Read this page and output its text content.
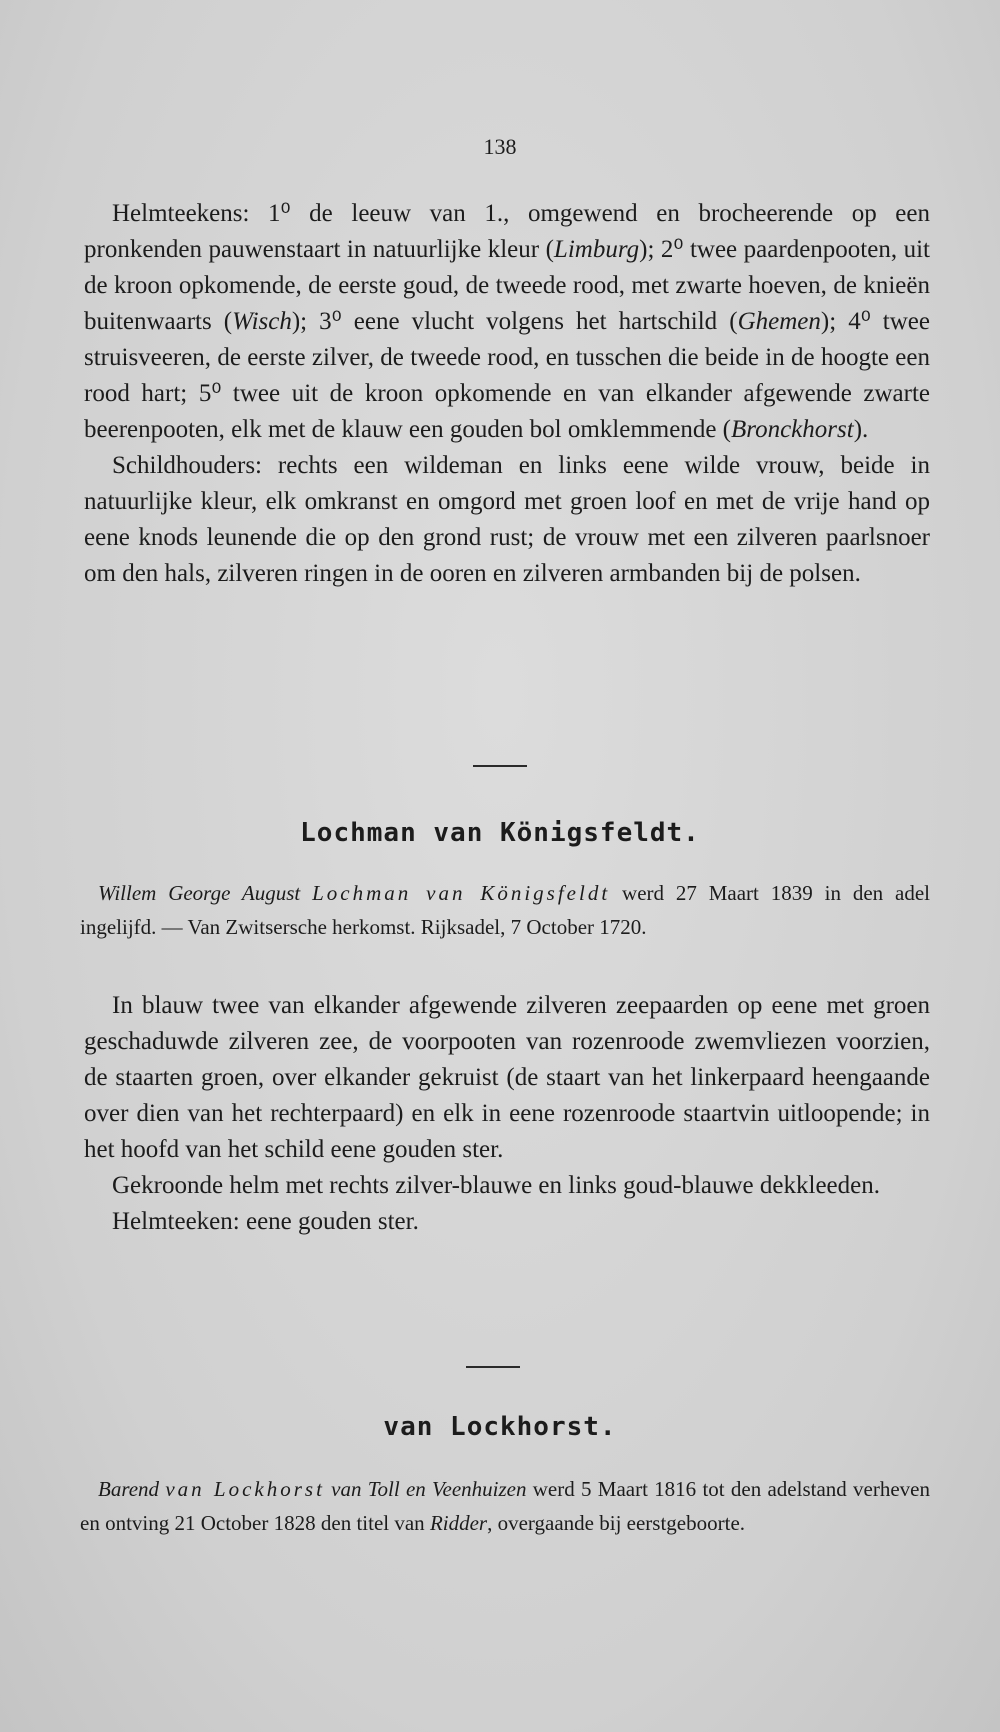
138

Helmteekens: 1⁰ de leeuw van 1., omgewend en brocheerende op een pronkenden pauwenstaart in natuurlijke kleur (Limburg); 2⁰ twee paardenpooten, uit de kroon opkomende, de eerste goud, de tweede rood, met zwarte hoeven, de knieën buitenwaarts (Wisch); 3⁰ eene vlucht volgens het hartschild (Ghemen); 4⁰ twee struisveeren, de eerste zilver, de tweede rood, en tusschen die beide in de hoogte een rood hart; 5⁰ twee uit de kroon opkomende en van elkander afgewende zwarte beerenpooten, elk met de klauw een gouden bol omklemmende (Bronckhorst).

Schildhouders: rechts een wildeman en links eene wilde vrouw, beide in natuurlijke kleur, elk omkranst en omgord met groen loof en met de vrije hand op eene knods leunende die op den grond rust; de vrouw met een zilveren paarlsnoer om den hals, zilveren ringen in de ooren en zilveren armbanden bij de polsen.

Lochman van Königsfeldt.
Willem George August Lochman van Königsfeldt werd 27 Maart 1839 in den adel ingelijfd. — Van Zwitsersche herkomst. Rijksadel, 7 October 1720.

In blauw twee van elkander afgewende zilveren zeepaarden op eene met groen geschaduwde zilveren zee, de voorpooten van rozenroode zwemvliezen voorzien, de staarten groen, over elkander gekruist (de staart van het linkerpaard heengaande over dien van het rechterpaard) en elk in eene rozenroode staartvin uitloopende; in het hoofd van het schild eene gouden ster.

Gekroonde helm met rechts zilver-blauwe en links goud-blauwe dekkleeden.

Helmteeken: eene gouden ster.

van Lockhorst.
Barend van Lockhorst van Toll en Veenhuizen werd 5 Maart 1816 tot den adelstand verheven en ontving 21 October 1828 den titel van Ridder, overgaande bij eerstgeboorte.
